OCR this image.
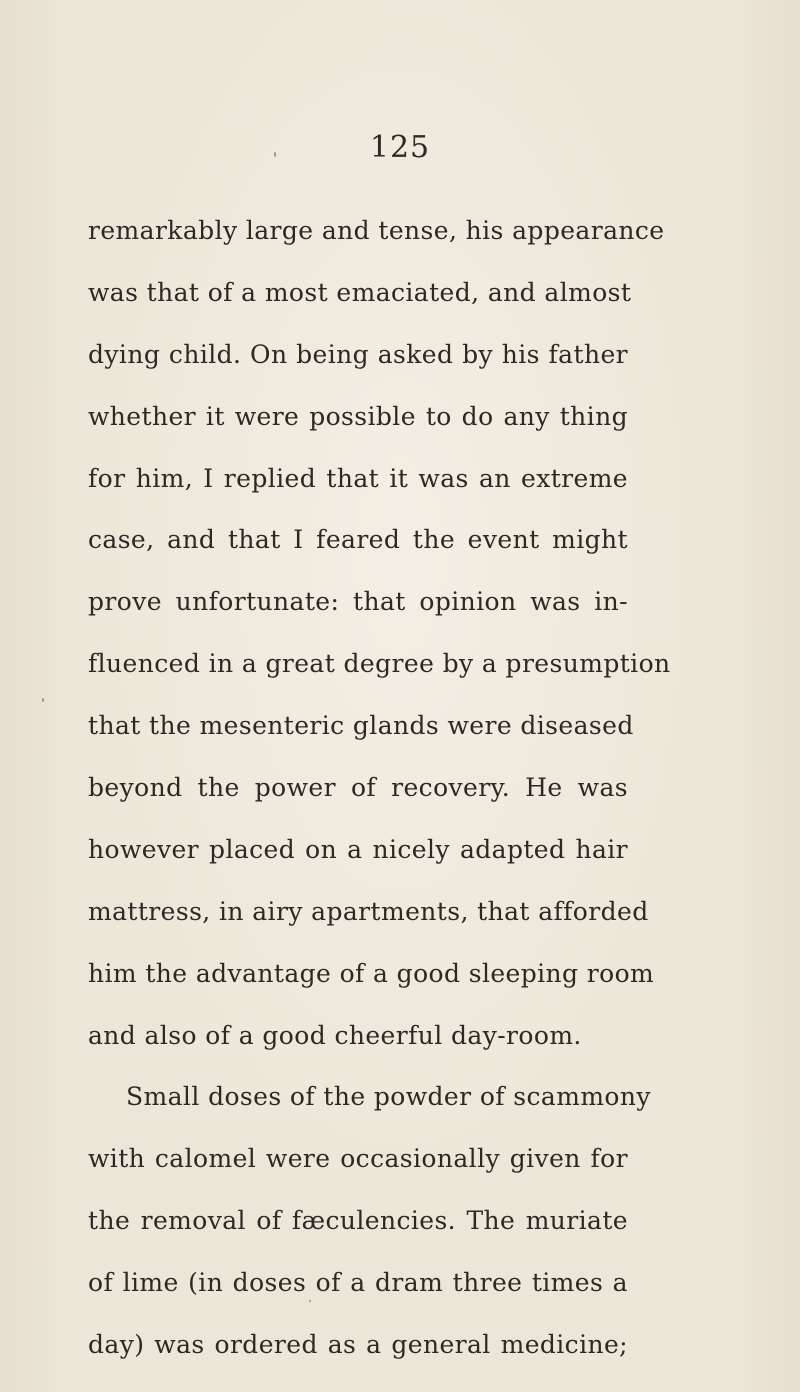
125
remarkably large and tense, his appearance
was that of a most emaciated, and almost
dying child. On being asked by his father
whether it were possible to do any thing
for him, I replied that it was an extreme
case, and that I feared the event might
prove unfortunate: that opinion was in-
fluenced in a great degree by a presumption
that the mesenteric glands were diseased
beyond the power of recovery. He was
however placed on a nicely adapted hair
mattress, in airy apartments, that afforded
him the advantage of a good sleeping room
and also of a good cheerful day-room.
Small doses of the powder of scammony
with calomel were occasionally given for
the removal of fæculencies. The muriate
of lime (in doses of a dram three times a
day) was ordered as a general medicine;
